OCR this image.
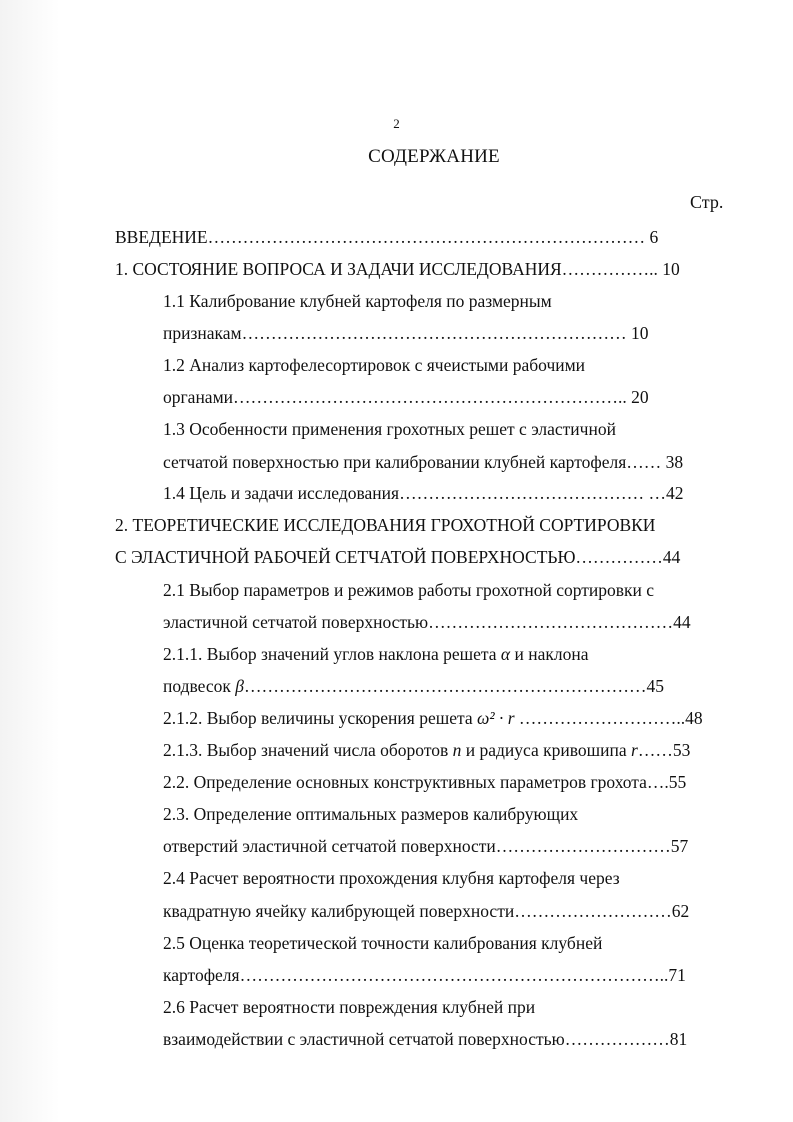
2
СОДЕРЖАНИЕ
Стр.
ВВЕДЕНИЕ………………………………………………………………… 6
1. СОСТОЯНИЕ ВОПРОСА И ЗАДАЧИ ИССЛЕДОВАНИЯ…………….. 10
1.1 Калибрование клубней картофеля по размерным
признакам………………………………………………………… 10
1.2 Анализ картофелесортировок с ячеистыми рабочими
органами………………………………………………………….. 20
1.3 Особенности применения грохотных решет с эластичной
сетчатой поверхностью при калибровании клубней картофеля…… 38
1.4 Цель и задачи исследования…………………………………… …42
2. ТЕОРЕТИЧЕСКИЕ ИССЛЕДОВАНИЯ ГРОХОТНОЙ СОРТИРОВКИ
С ЭЛАСТИЧНОЙ РАБОЧЕЙ СЕТЧАТОЙ ПОВЕРХНОСТЬЮ……………44
2.1 Выбор параметров и режимов работы грохотной сортировки с
эластичной сетчатой поверхностью……………………………………44
2.1.1. Выбор значений углов наклона решета α и наклона
подвесок β……………………………………………………………45
2.1.2. Выбор величины ускорения решета ω² · r ………………………..48
2.1.3. Выбор значений числа оборотов n и радиуса кривошипа r……53
2.2. Определение основных конструктивных параметров грохота….55
2.3. Определение оптимальных размеров калибрующих
отверстий эластичной сетчатой поверхности…………………………57
2.4 Расчет вероятности прохождения клубня картофеля через
квадратную ячейку калибрующей поверхности………………………62
2.5 Оценка теоретической точности калибрования клубней
картофеля………………………………………………………………..71
2.6 Расчет вероятности повреждения клубней при
взаимодействии с эластичной сетчатой поверхностью………………81
